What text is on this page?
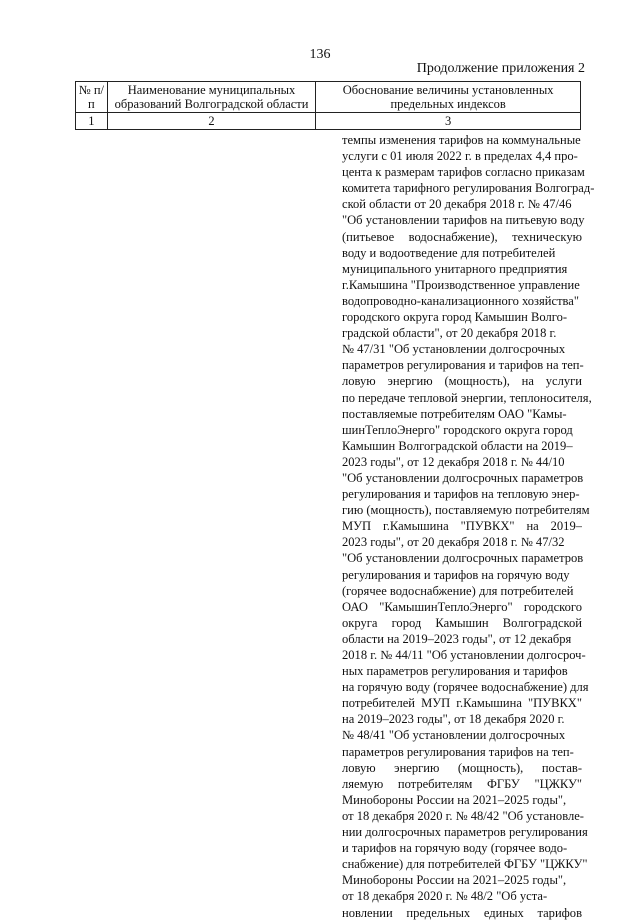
136
Продолжение приложения 2
№ п/п	Наименование муниципальных образований Волгоградской области	Обоснование величины установленных предельных индексов
1	2	3
темпы изменения тарифов на коммунальные
услуги с 01 июля 2022 г. в пределах 4,4 про-
цента к размерам тарифов согласно приказам
комитета тарифного регулирования Волгоград-
ской области от 20 декабря 2018 г. № 47/46
"Об установлении тарифов на питьевую воду
(питьевое водоснабжение), техническую
воду и водоотведение для потребителей
муниципального унитарного предприятия
г.Камышина "Производственное управление
водопроводно-канализационного хозяйства"
городского округа город Камышин Волго-
градской области", от 20 декабря 2018 г.
№ 47/31 "Об установлении долгосрочных
параметров регулирования и тарифов на теп-
ловую энергию (мощность), на услуги
по передаче тепловой энергии, теплоносителя,
поставляемые потребителям ОАО "Камы-
шинТеплоЭнерго" городского округа город
Камышин Волгоградской области на 2019–
2023 годы", от 12 декабря 2018 г. № 44/10
"Об установлении долгосрочных параметров
регулирования и тарифов на тепловую энер-
гию (мощность), поставляемую потребителям
МУП г.Камышина "ПУВКХ" на 2019–
2023 годы", от 20 декабря 2018 г. № 47/32
"Об установлении долгосрочных параметров
регулирования и тарифов на горячую воду
(горячее водоснабжение) для потребителей
ОАО "КамышинТеплоЭнерго" городского
округа город Камышин Волгоградской
области на 2019–2023 годы", от 12 декабря
2018 г. № 44/11 "Об установлении долгосроч-
ных параметров регулирования и тарифов
на горячую воду (горячее водоснабжение) для
потребителей МУП г.Камышина "ПУВКХ"
на 2019–2023 годы", от 18 декабря 2020 г.
№ 48/41 "Об установлении долгосрочных
параметров регулирования тарифов на теп-
ловую энергию (мощность), постав-
ляемую потребителям ФГБУ "ЦЖКУ"
Минобороны России на 2021–2025 годы",
от 18 декабря 2020 г. № 48/42 "Об установле-
нии долгосрочных параметров регулирования
и тарифов на горячую воду (горячее водо-
снабжение) для потребителей ФГБУ "ЦЖКУ"
Минобороны России на 2021–2025 годы",
от 18 декабря 2020 г. № 48/2 "Об уста-
новлении предельных единых тарифов
